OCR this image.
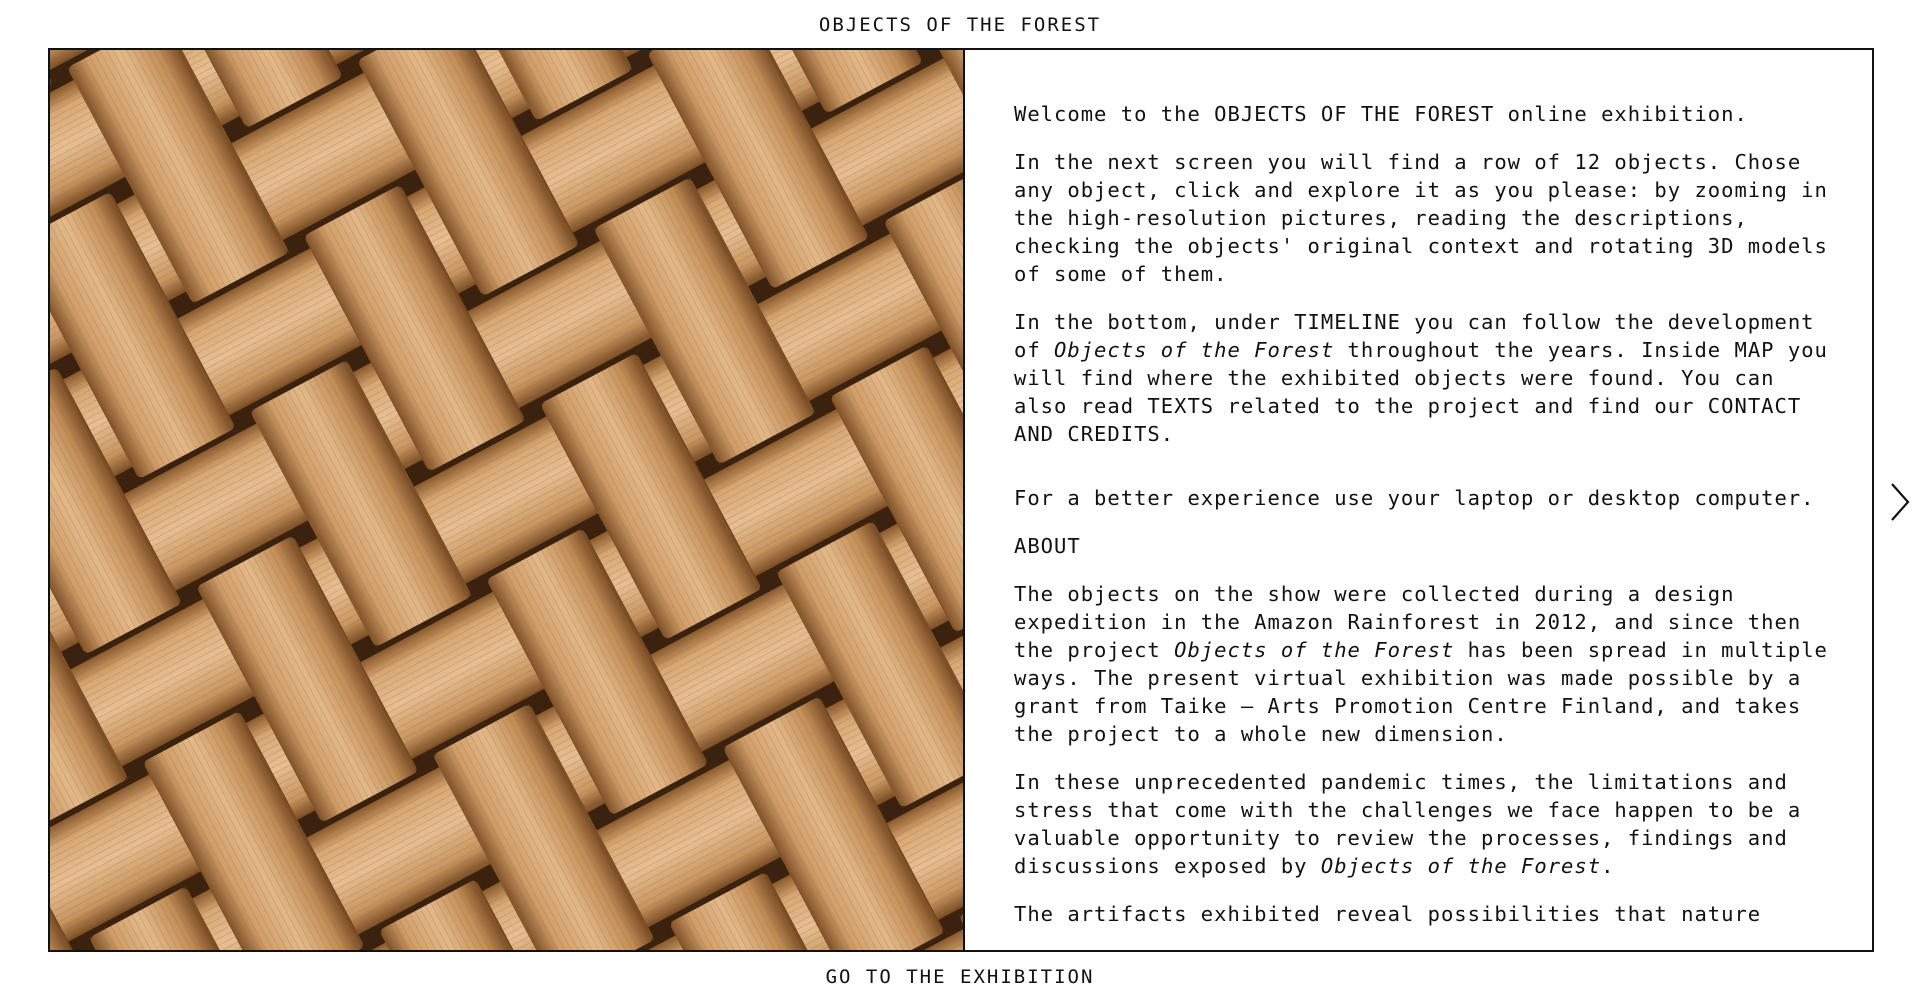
OBJECTS OF THE FOREST

Welcome to the OBJECTS OF THE FOREST online exhibition.

In the next screen you will find a row of 12 objects. Chose any object, click and explore it as you please: by zooming in the high-resolution pictures, reading the descriptions, checking the objects' original context and rotating 3D models of some of them.

In the bottom, under TIMELINE you can follow the development of Objects of the Forest throughout the years. Inside MAP you will find where the exhibited objects were found. You can also read TEXTS related to the project and find our CONTACT AND CREDITS.

For a better experience use your laptop or desktop computer.

ABOUT

The objects on the show were collected during a design expedition in the Amazon Rainforest in 2012, and since then the project Objects of the Forest has been spread in multiple ways. The present virtual exhibition was made possible by a grant from Taike – Arts Promotion Centre Finland, and takes the project to a whole new dimension.

In these unprecedented pandemic times, the limitations and stress that come with the challenges we face happen to be a valuable opportunity to review the processes, findings and discussions exposed by Objects of the Forest.

The artifacts exhibited reveal possibilities that nature

GO TO THE EXHIBITION
